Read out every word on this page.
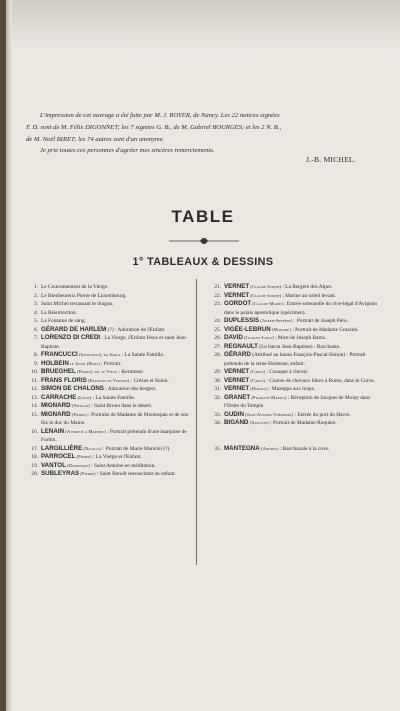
L'impression de cet ouvrage a été faite par M. J. ROYER, de Nancy. Les 22 notices signées

F. D. sont de M. Félix DIGONNET; les 7 signées G. B., de M. Gabriel BOURGES; et les 2 N. B.,

de M. Noël BIRET; les 74 autres sont d'un anonyme.

Je prie toutes ces personnes d'agréer mes sincères remerciements.

J.-B. MICHEL.
TABLE
1° TABLEAUX & DESSINS
1. Le Couronnement de la Vierge.
2. Le Bienheureux Pierre de Luxembourg.
3. Saint Michel terrassant le dragon.
4. La Résurrection.
5. La Fontaine de sang.
6. GÉRARD DE HARLEM (?) : Adoration de l'Enfant.
7. LORENZO DI CREDI : La Vierge, l'Enfant Jésus et saint Jean-Baptiste.
8. FRANCUCCI (Innocenzo), da Imola : La Sainte Famille.
9. HOLBEIN le Jeune (Hans) : Portrait.
10. BRUEGHEL (Pierre), dit le Vieux : Kermesse.
11. FRANS FLORIS (François de Vriendt) : Crésus et Solon.
12. SIMON DE CHALONS : Adoration des bergers.
13. CARRACHE (Louis) : La Sainte Famille.
14. MIGNARD (Nicolas) : Saint Bruno dans le désert.
15. MIGNARD (Pierre) : Portraits de Madame de Montespan et de son fils le duc du Maine.
16. LENAIN (Attribué à Mathieu) : Portrait prétendu d'une marquise de Forbin.
17. LARGILLIÈRE (Nicolas) : Portrait de Marie Mancini (?).
18. PARROCEL (Pierre) : La Vierge et l'Enfant.
19. VANTOL (Dominique) : Saint Antoine en méditation.
20. SUBLEYRAS (Pierre) : Saint Benoît ressuscitant un enfant.
21. VERNET (Claude-Joseph) : La Bergère des Alpes.
22. VERNET (Claude-Joseph) : Marine au soleil levant.
23. GORDOT (Claude-Marie) : Entrée solennelle du vice-légat d'Avignon dans le palais apostolique (spécimen).
24. DUPLESSIS (Joseph-Siffrède) : Portrait de Joseph Péru.
25. VIGÉE-LEBRUN (Madame) : Portrait de Madame Grassini.
26. DAVID (Jacques-Louis) : Mort de Joseph Barra.
27. REGNAULT (Le baron Jean-Baptiste) : Bacchante.
28. GÉRARD (Attribué au baron François-Pascal-Simon) : Portrait prétendu de la reine Hortense, enfant.
29. VERNET (Carle) : Cosaque à cheval.
30. VERNET (Carle) : Course de chevaux libres à Rome, dans le Corso.
31. VERNET (Horace) : Mazeppa aux loups.
32. GRANET (François-Marius) : Réception de Jacques de Molay dans l'Ordre du Temple.
33. GUDIN (Jean-Antoine-Théodore) : Entrée du port du Havre.
34. BIGAND (Auguste) : Portrait de Madame Roquien.
35. MANTEGNA (Andrea) : Bacchanale à la cuve.
